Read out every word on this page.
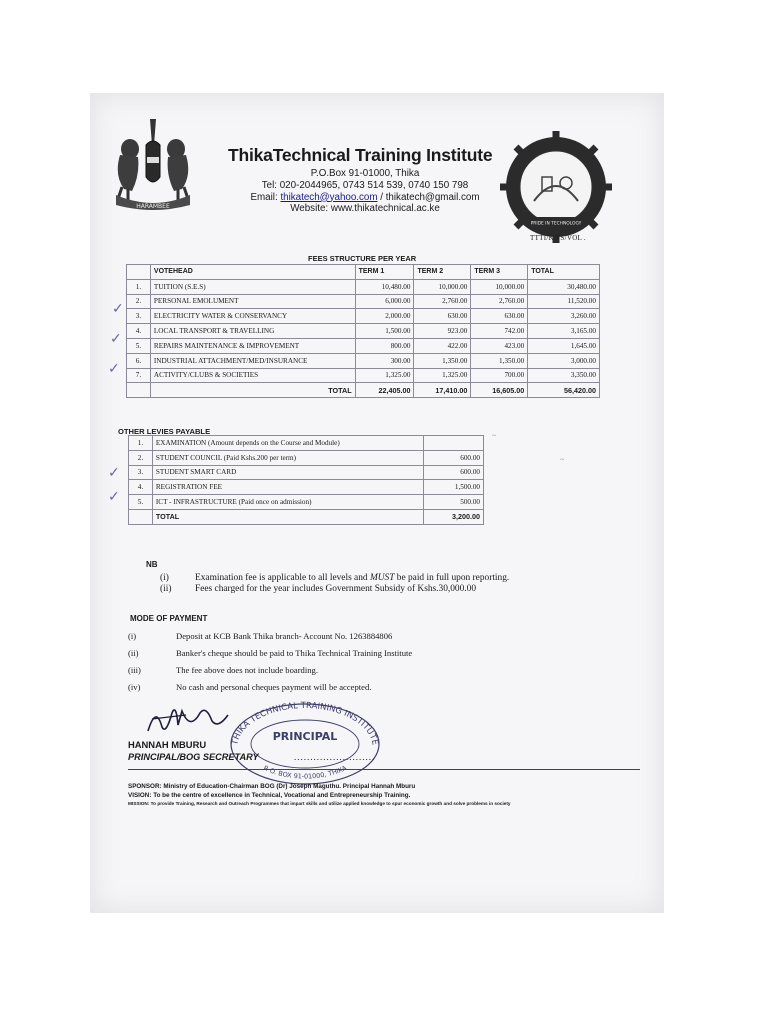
HARAMBEE
ThikaTechnical Training Institute
P.O.Box 91-01000, Thika
Tel: 020-2044965, 0743 514 539, 0740 150 798
Email: thikatech@yahoo.com / thikatech@gmail.com
Website: www.thikatechnical.ac.ke
PRIDE IN TECHNOLOGY
TTTI/K/FS/VOL .
FEES STRUCTURE PER YEAR
	VOTEHEAD	TERM 1	TERM 2	TERM 3	TOTAL
1.	TUITION (S.E.S)	10,480.00	10,000.00	10,000.00	30,480.00
2.	PERSONAL EMOLUMENT	6,000.00	2,760.00	2,760.00	11,520.00
3.	ELECTRICITY WATER & CONSERVANCY	2,000.00	630.00	630.00	3,260.00
4.	LOCAL TRANSPORT & TRAVELLING	1,500.00	923.00	742.00	3,165.00
5.	REPAIRS MAINTENANCE & IMPROVEMENT	800.00	422.00	423.00	1,645.00
6.	INDUSTRIAL ATTACHMENT/MED/INSURANCE	300.00	1,350.00	1,350.00	3,000.00
7.	ACTIVITY/CLUBS & SOCIETIES	1,325.00	1,325.00	700.00	3,350.00
	TOTAL	22,405.00	17,410.00	16,605.00	56,420.00
✓
✓
✓
✓
✓
OTHER LEVIES PAYABLE
1.	EXAMINATION (Amount depends on the Course and Module)	
2.	STUDENT COUNCIL (Paid Kshs.200 per term)	600.00
3.	STUDENT SMART CARD	600.00
4.	REGISTRATION FEE	1,500.00
5.	ICT - INFRASTRUCTURE (Paid once on admission)	500.00
	TOTAL	3,200.00
~
~
NB
(i)	Examination fee is applicable to all levels and MUST be paid in full upon reporting.
(ii)	Fees charged for the year includes Government Subsidy of Kshs.30,000.00
MODE OF PAYMENT
(i)	Deposit at KCB Bank Thika branch- Account No. 1263884806
(ii)	Banker's cheque should be paid to Thika Technical Training Institute
(iii)	The fee above does not include boarding.
(iv)	No cash and personal cheques payment will be accepted.
THIKA TECHNICAL TRAINING INSTITUTE
PRINCIPAL
P. O. BOX 91-01000, THIKA
HANNAH MBURU
PRINCIPAL/BOG SECRETARY	.........................
SPONSOR: Ministry of Education-Chairman BOG (Dr) Joseph Maguthu. Principal Hannah Mburu
VISION: To be the centre of excellence in Technical, Vocational and Entrepreneurship Training.
MISSION: To provide Training, Research and Outreach Programmes that impart skills and utilize applied knowledge to spur economic growth and solve problems in society
